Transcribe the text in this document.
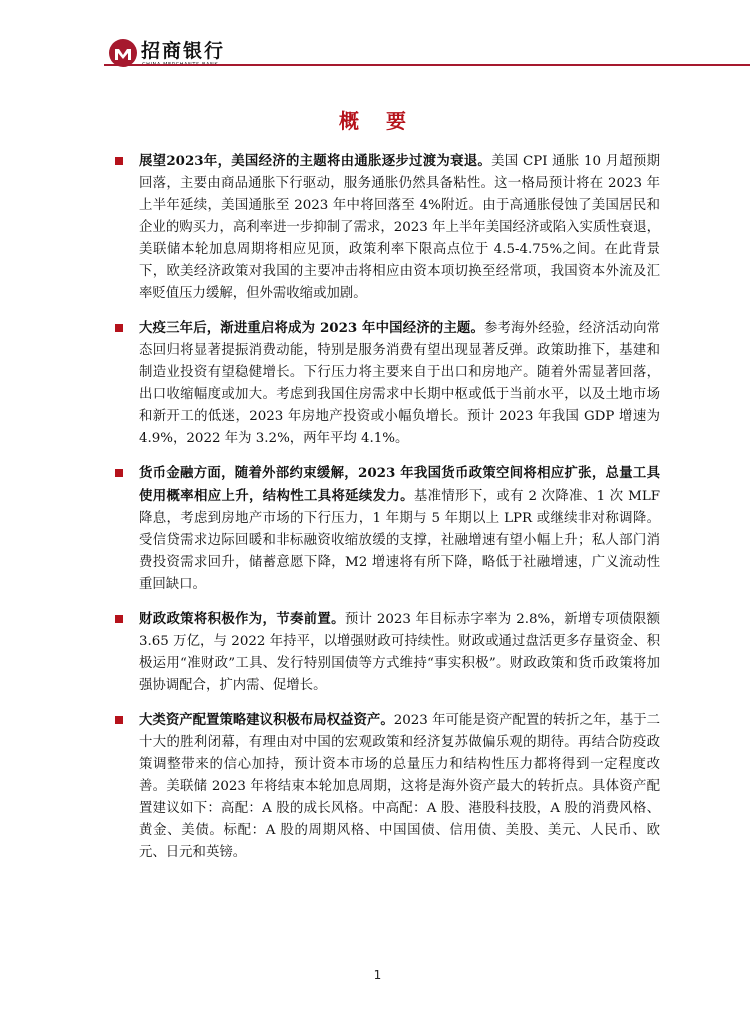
招商银行
概 要
展望2023年，美国经济的主题将由通胀逐步过渡为衰退。美国 CPI 通胀 10 月超预期回落，主要由商品通胀下行驱动，服务通胀仍然具备粘性。这一格局预计将在 2023 年上半年延续，美国通胀至 2023 年中将回落至 4%附近。由于高通胀侵蚀了美国居民和企业的购买力，高利率进一步抑制了需求，2023 年上半年美国经济或陷入实质性衰退，美联储本轮加息周期将相应见顶，政策利率下限高点位于 4.5-4.75%之间。在此背景下，欧美经济政策对我国的主要冲击将相应由资本项切换至经常项，我国资本外流及汇率贬值压力缓解，但外需收缩或加剧。
大疫三年后，渐进重启将成为 2023 年中国经济的主题。参考海外经验，经济活动向常态回归将显著提振消费动能，特别是服务消费有望出现显著反弹。政策助推下，基建和制造业投资有望稳健增长。下行压力将主要来自于出口和房地产。随着外需显著回落，出口收缩幅度或加大。考虑到我国住房需求中长期中枢或低于当前水平，以及土地市场和新开工的低迷，2023 年房地产投资或小幅负增长。预计 2023 年我国 GDP 增速为 4.9%，2022 年为 3.2%，两年平均 4.1%。
货币金融方面，随着外部约束缓解，2023 年我国货币政策空间将相应扩张，总量工具使用概率相应上升，结构性工具将延续发力。基准情形下，或有 2 次降准、1 次 MLF 降息，考虑到房地产市场的下行压力，1 年期与 5 年期以上 LPR 或继续非对称调降。受信贷需求边际回暖和非标融资收缩放缓的支撑，社融增速有望小幅上升；私人部门消费投资需求回升，储蓄意愿下降，M2 增速将有所下降，略低于社融增速，广义流动性重回缺口。
财政政策将积极作为，节奏前置。预计 2023 年目标赤字率为 2.8%，新增专项债限额 3.65 万亿，与 2022 年持平，以增强财政可持续性。财政或通过盘活更多存量资金、积极运用“准财政”工具、发行特别国债等方式维持“事实积极”。财政政策和货币政策将加强协调配合，扩内需、促增长。
大类资产配置策略建议积极布局权益资产。2023 年可能是资产配置的转折之年，基于二十大的胜利闭幕，有理由对中国的宏观政策和经济复苏做偏乐观的期待。再结合防疫政策调整带来的信心加持，预计资本市场的总量压力和结构性压力都将得到一定程度改善。美联储 2023 年将结束本轮加息周期，这将是海外资产最大的转折点。具体资产配置建议如下：高配：A 股的成长风格。中高配：A 股、港股科技股，A 股的消费风格、黄金、美债。标配：A 股的周期风格、中国国债、信用债、美股、美元、人民币、欧元、日元和英镑。
1
